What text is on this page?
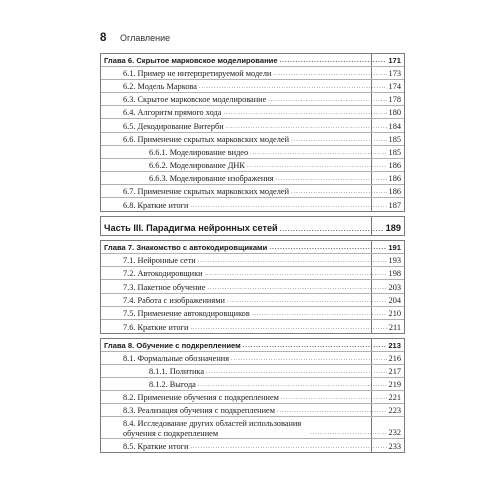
8 Оглавление
Глава 6. Скрытое марковское моделирование .....	171
6.1. Пример не интерпретируемой модели .....	173
6.2. Модель Маркова .....	174
6.3. Скрытое марковское моделирование .....	178
6.4. Алгоритм прямого хода .....	180
6.5. Декодирование Витерби .....	184
6.6. Применение скрытых марковских моделей .....	185
6.6.1. Моделирование видео .....	185
6.6.2. Моделирование ДНК .....	186
6.6.3. Моделирование изображения .....	186
6.7. Применение скрытых марковских моделей .....	186
6.8. Краткие итоги .....	187
Часть III. Парадигма нейронных сетей .....	189
Глава 7. Знакомство с автокодировщиками .....	191
7.1. Нейронные сети .....	193
7.2. Автокодировщики .....	198
7.3. Пакетное обучение .....	203
7.4. Работа с изображениями .....	204
7.5. Применение автокодировщиков .....	210
7.6. Краткие итоги .....	211
Глава 8. Обучение с подкреплением .....	213
8.1. Формальные обозначения .....	216
8.1.1. Политика .....	217
8.1.2. Выгода .....	219
8.2. Применение обучения с подкреплением .....	221
8.3. Реализация обучения с подкреплением .....	223
8.4. Исследование других областей использования обучения с подкреплением .....	232
8.5. Краткие итоги .....	233
